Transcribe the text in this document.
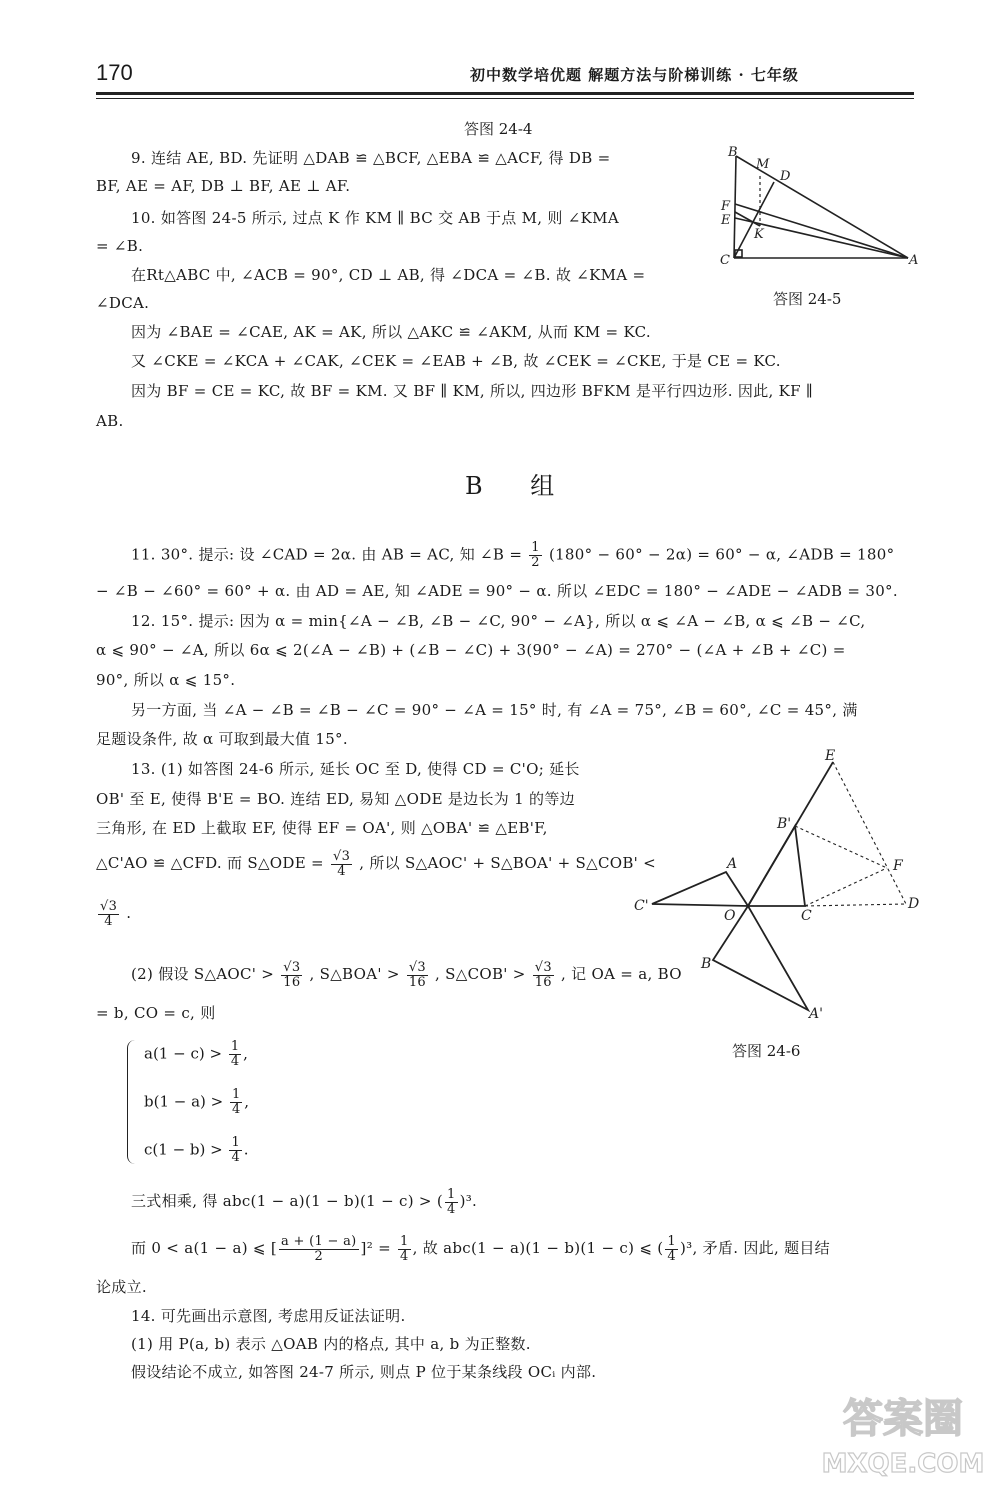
170	初中数学培优题 解题方法与阶梯训练 · 七年级
答图 24-4
9. 连结 AE, BD. 先证明 △DAB ≌ △BCF, △EBA ≌ △ACF, 得 DB =
BF, AE = AF, DB ⊥ BF, AE ⊥ AF.
10. 如答图 24-5 所示, 过点 K 作 KM ∥ BC 交 AB 于点 M, 则 ∠KMA
= ∠B.
在Rt△ABC 中, ∠ACB = 90°, CD ⊥ AB, 得 ∠DCA = ∠B. 故 ∠KMA =
∠DCA.
因为 ∠BAE = ∠CAE, AK = AK, 所以 △AKC ≌ ∠AKM, 从而 KM = KC.
又 ∠CKE = ∠KCA + ∠CAK, ∠CEK = ∠EAB + ∠B, 故 ∠CEK = ∠CKE, 于是 CE = KC.
因为 BF = CE = KC, 故 BF = KM. 又 BF ∥ KM, 所以, 四边形 BFKM 是平行四边形. 因此, KF ∥
AB.
B
M
D
F
E
K
C	A
答图 24-5
B 组
11. 30°. 提示: 设 ∠CAD = 2α. 由 AB = AC, 知 ∠B = $\frac{1}{2} (180^\circ - 60^\circ - 2\alpha) = 60^\circ - \alpha$, ∠ADB = 180°
− ∠B − ∠60° = 60° + α. 由 AD = AE, 知 ∠ADE = 90° − α. 所以 ∠EDC = 180° − ∠ADE − ∠ADB = 30°.
12. 15°. 提示: 因为 α = min{∠A − ∠B, ∠B − ∠C, 90° − ∠A}, 所以 α ⩽ ∠A − ∠B, α ⩽ ∠B − ∠C,
α ⩽ 90° − ∠A, 所以 6α ⩽ 2(∠A − ∠B) + (∠B − ∠C) + 3(90° − ∠A) = 270° − (∠A + ∠B + ∠C) =
90°, 所以 α ⩽ 15°.
另一方面, 当 ∠A − ∠B = ∠B − ∠C = 90° − ∠A = 15° 时, 有 ∠A = 75°, ∠B = 60°, ∠C = 45°, 满
足题设条件, 故 α 可取到最大值 15°.
13. (1) 如答图 24-6 所示, 延长 OC 至 D, 使得 CD = C'O; 延长
OB' 至 E, 使得 B'E = BO. 连结 ED, 易知 △ODE 是边长为 1 的等边
三角形, 在 ED 上截取 EF, 使得 EF = OA', 则 △OBA' ≌ △EB'F,
△C'AO ≌ △CFD. 而 S△ODE = $\frac{√3}{4}$ , 所以 S△AOC' + S△BOA' + S△COB' <
$\frac{√3}{4}$ .
(2) 假设 S△AOC' > $\frac{√3}{16}$ , S△BOA' > $\frac{√3}{16}$ , S△COB' > $\frac{√3}{16}$ , 记 OA = a, BO
= b, CO = c, 则
$a(1 - c) > \frac{1}{4}$ ,
$b(1 - a) > \frac{1}{4}$ ,
$c(1 - b) > \frac{1}{4}$ .
三式相乘, 得 abc(1 − a)(1 − b)(1 − c) > ( $\frac{1}{4} )^3$.
而 0 < a(1 − a) ⩽ [ $\frac{a + (1 - a)}{2} ]^2 = \frac{1}{4}$ , 故 abc(1 − a)(1 − b)(1 − c) ⩽ ( $\frac{1}{4} )^3$, 矛盾. 因此, 题目结
论成立.
14. 可先画出示意图, 考虑用反证法证明.
(1) 用 P(a, b) 表示 △OAB 内的格点, 其中 a, b 为正整数.
假设结论不成立, 如答图 24-7 所示, 则点 P 位于某条线段 OCᵢ 内部.
E
B'
A	F
C'
O	C
D
B
A'
答图 24-6
答案圈
MXQE.COM
